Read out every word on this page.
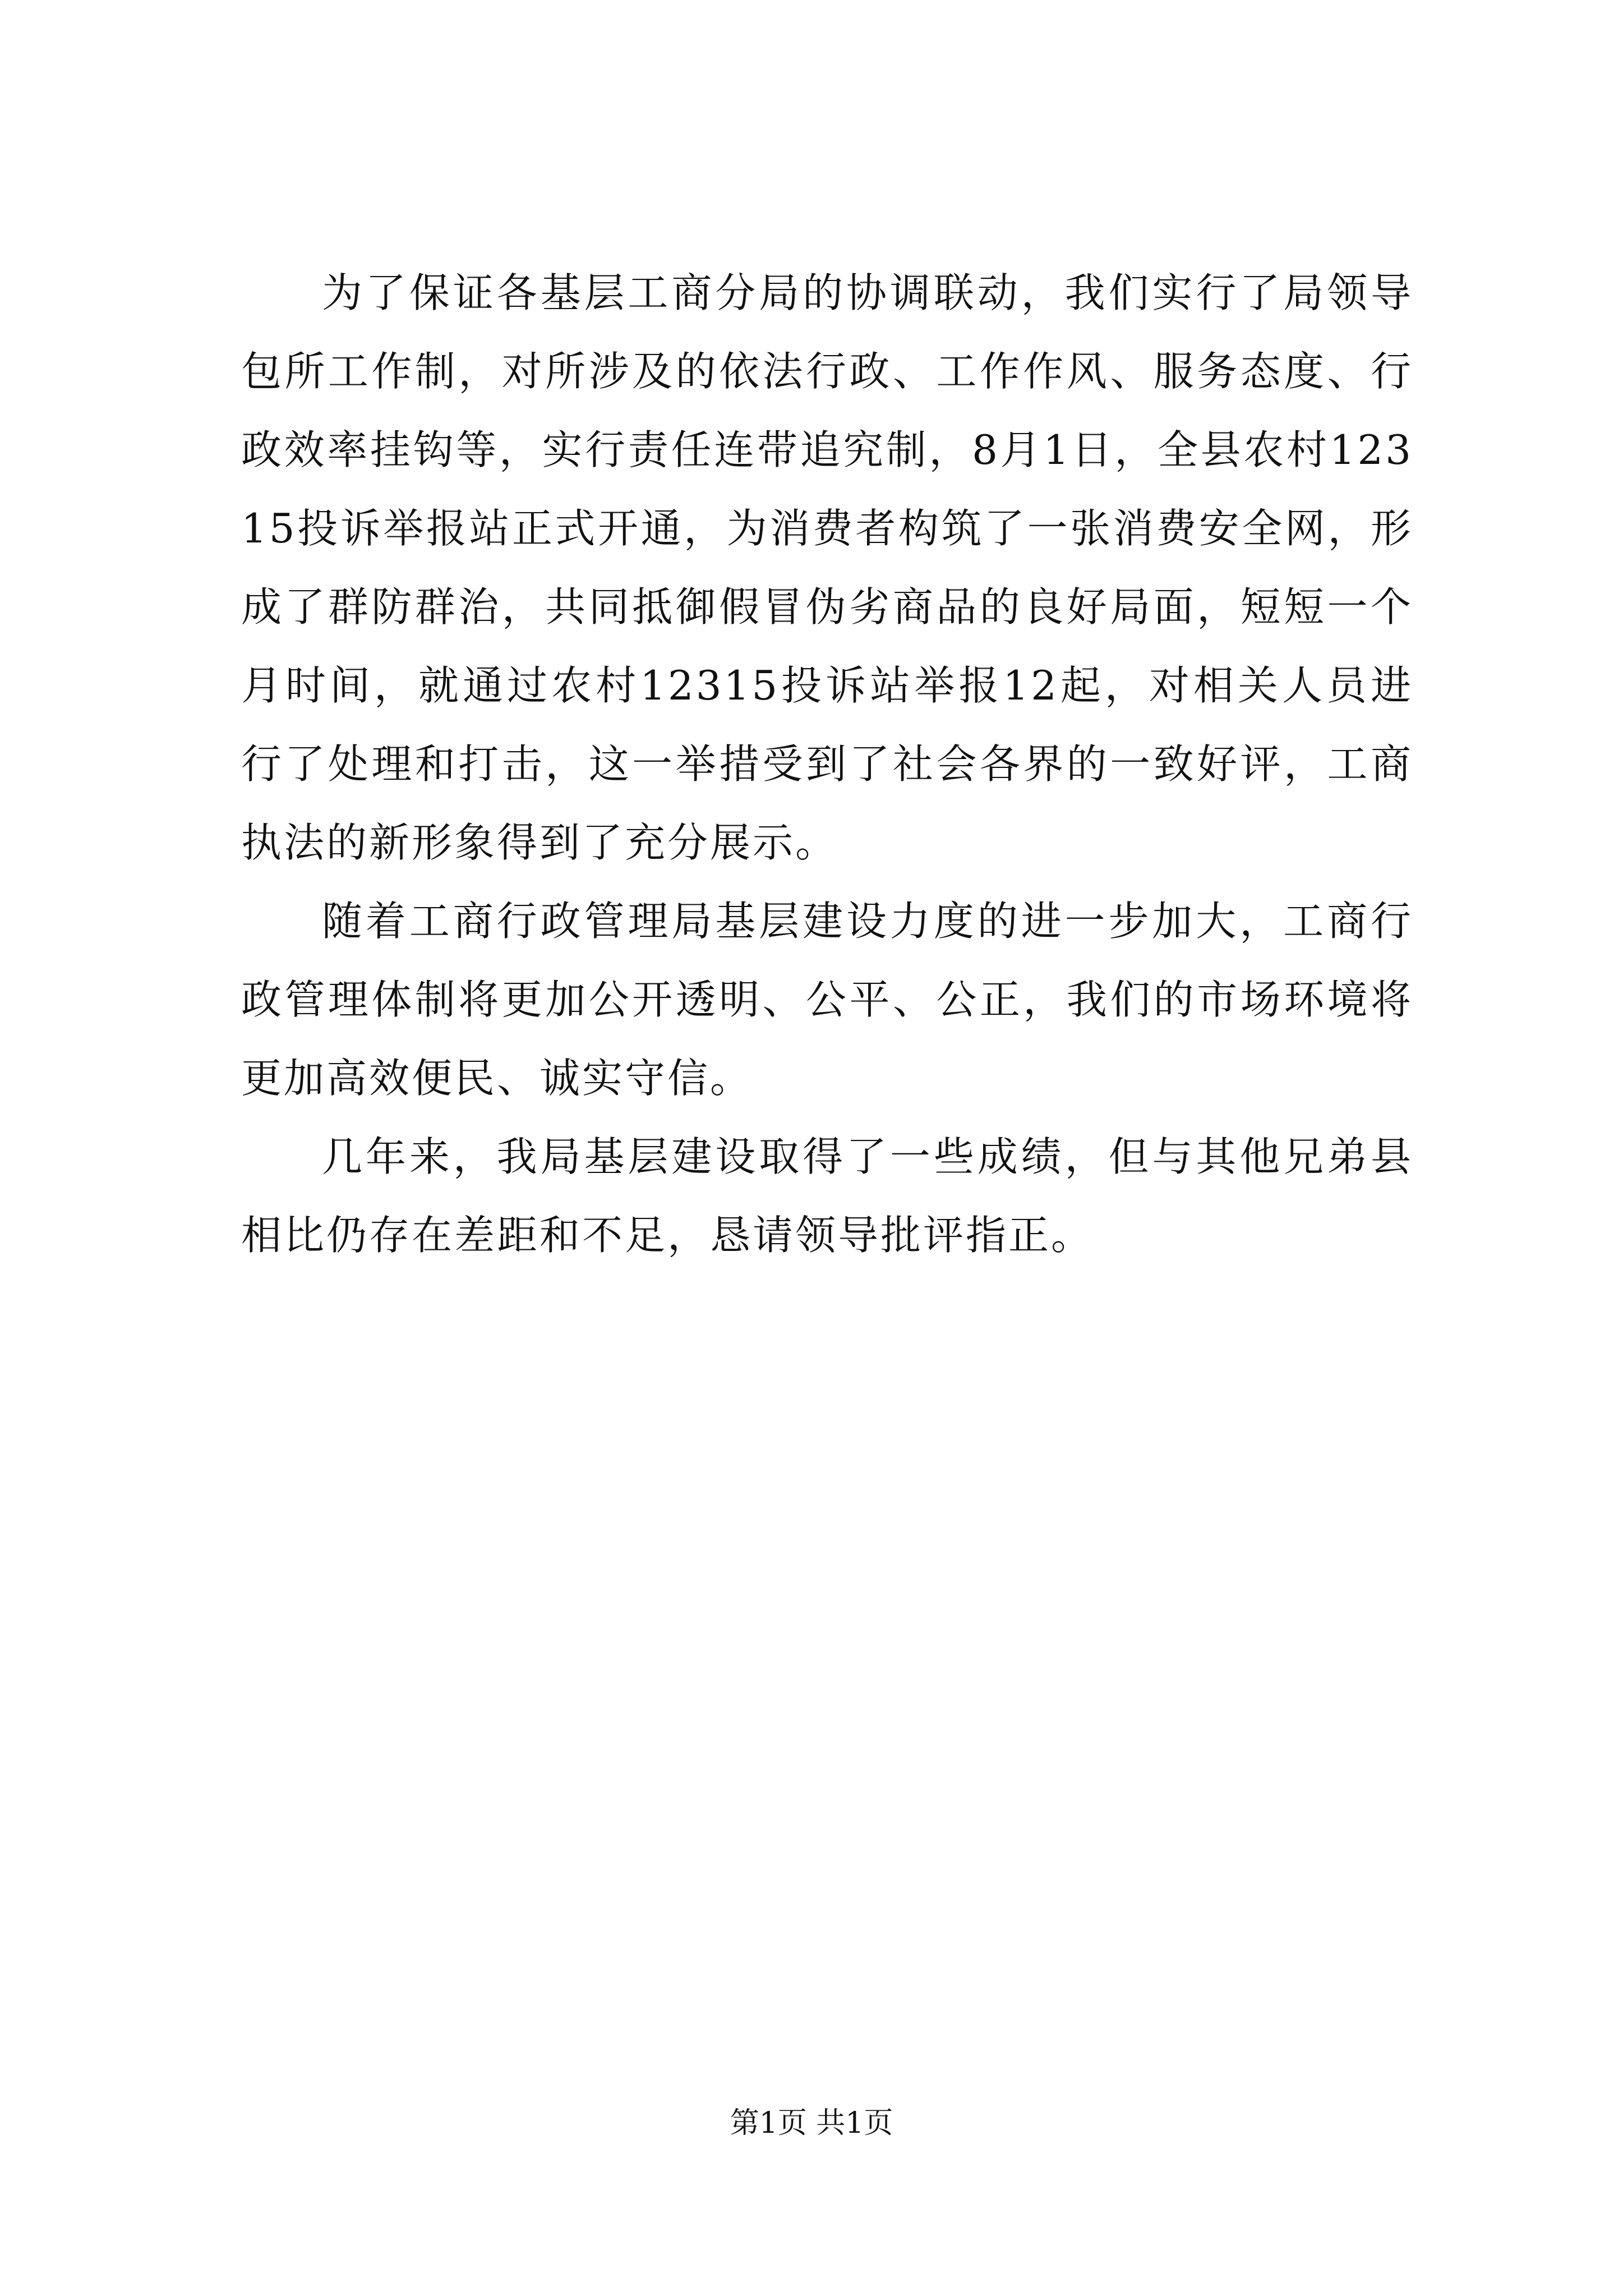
为了保证各基层工商分局的协调联动，我们实行了局领导包所工作制，对所涉及的依法行政、工作作风、服务态度、行政效率挂钩等，实行责任连带追究制，8月1日，全县农村12315投诉举报站正式开通，为消费者构筑了一张消费安全网，形成了群防群治，共同抵御假冒伪劣商品的良好局面，短短一个月时间，就通过农村12315投诉站举报12起，对相关人员进行了处理和打击，这一举措受到了社会各界的一致好评，工商执法的新形象得到了充分展示。

随着工商行政管理局基层建设力度的进一步加大，工商行政管理体制将更加公开透明、公平、公正，我们的市场环境将更加高效便民、诚实守信。

几年来，我局基层建设取得了一些成绩，但与其他兄弟县相比仍存在差距和不足，恳请领导批评指正。

第1页 共1页
